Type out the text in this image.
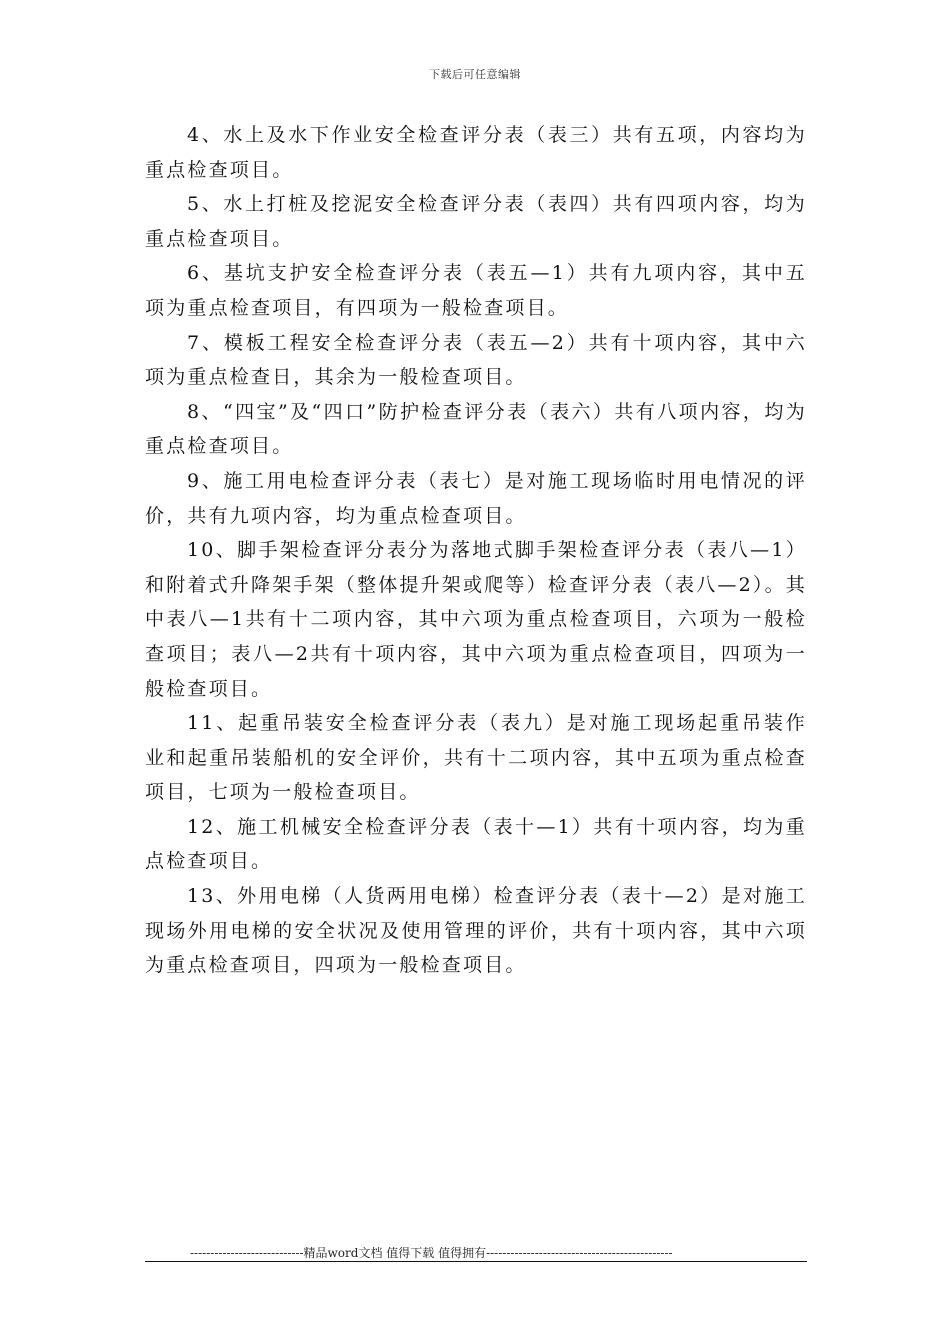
下载后可任意编辑

4、水上及水下作业安全检查评分表（表三）共有五项，内容均为重点检查项目。

5、水上打桩及挖泥安全检查评分表（表四）共有四项内容，均为重点检查项目。

6、基坑支护安全检查评分表（表五—1）共有九项内容，其中五项为重点检查项目，有四项为一般检查项目。

7、模板工程安全检查评分表（表五—2）共有十项内容，其中六项为重点检查日，其余为一般检查项目。

8、“四宝”及“四口”防护检查评分表（表六）共有八项内容，均为重点检查项目。

9、施工用电检查评分表（表七）是对施工现场临时用电情况的评价，共有九项内容，均为重点检查项目。

10、脚手架检查评分表分为落地式脚手架检查评分表（表八—1）和附着式升降架手架（整体提升架或爬等）检查评分表（表八—2）。其中表八—1共有十二项内容，其中六项为重点检查项目，六项为一般检查项目；表八—2共有十项内容，其中六项为重点检查项目，四项为一般检查项目。

11、起重吊装安全检查评分表（表九）是对施工现场起重吊装作业和起重吊装船机的安全评价，共有十二项内容，其中五项为重点检查项目，七项为一般检查项目。

12、施工机械安全检查评分表（表十—1）共有十项内容，均为重点检查项目。

13、外用电梯（人货两用电梯）检查评分表（表十—2）是对施工现场外用电梯的安全状况及使用管理的评价，共有十项内容，其中六项为重点检查项目，四项为一般检查项目。

----------------------------精品word文档 值得下载 值得拥有----------------------------------------------
